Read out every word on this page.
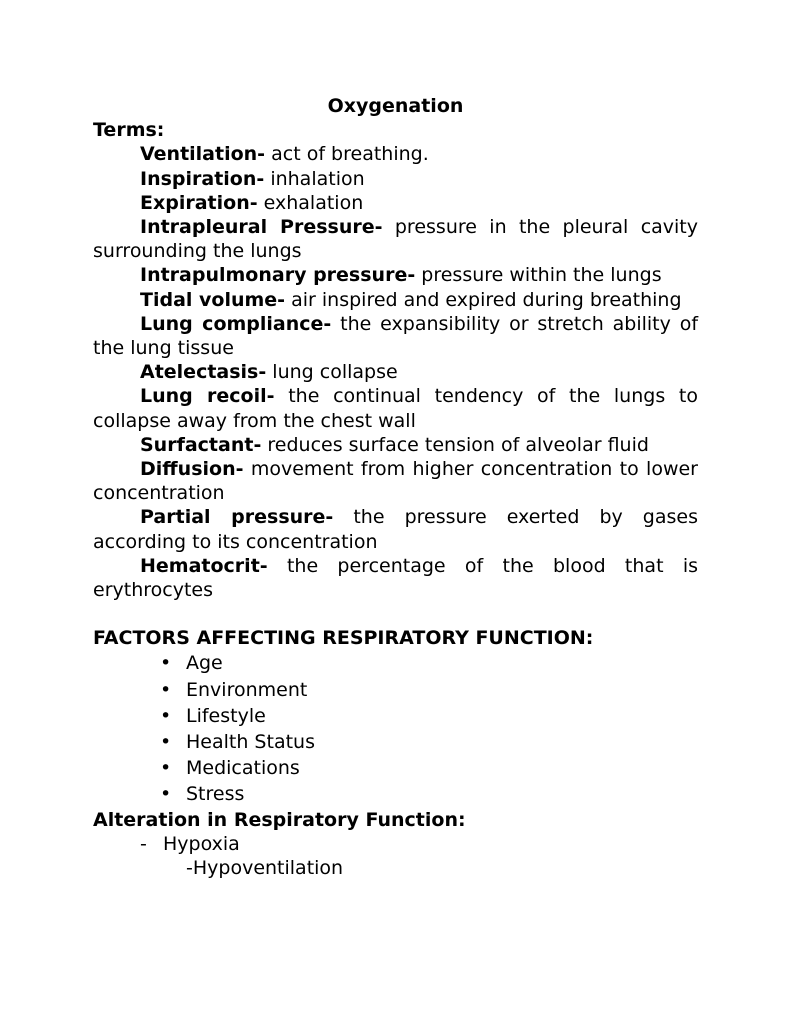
Oxygenation

Terms:

Ventilation- act of breathing.

Inspiration- inhalation

Expiration- exhalation

Intrapleural Pressure- pressure in the pleural cavity surrounding the lungs

Intrapulmonary pressure- pressure within the lungs

Tidal volume- air inspired and expired during breathing

Lung compliance- the expansibility or stretch ability of the lung tissue

Atelectasis- lung collapse

Lung recoil- the continual tendency of the lungs to collapse away from the chest wall

Surfactant- reduces surface tension of alveolar fluid

Diffusion- movement from higher concentration to lower concentration

Partial pressure- the pressure exerted by gases according to its concentration

Hematocrit- the percentage of the blood that is erythrocytes

FACTORS AFFECTING RESPIRATORY FUNCTION:

• Age
• Environment
• Lifestyle
• Health Status
• Medications
• Stress

Alteration in Respiratory Function:

- Hypoxia

-Hypoventilation
